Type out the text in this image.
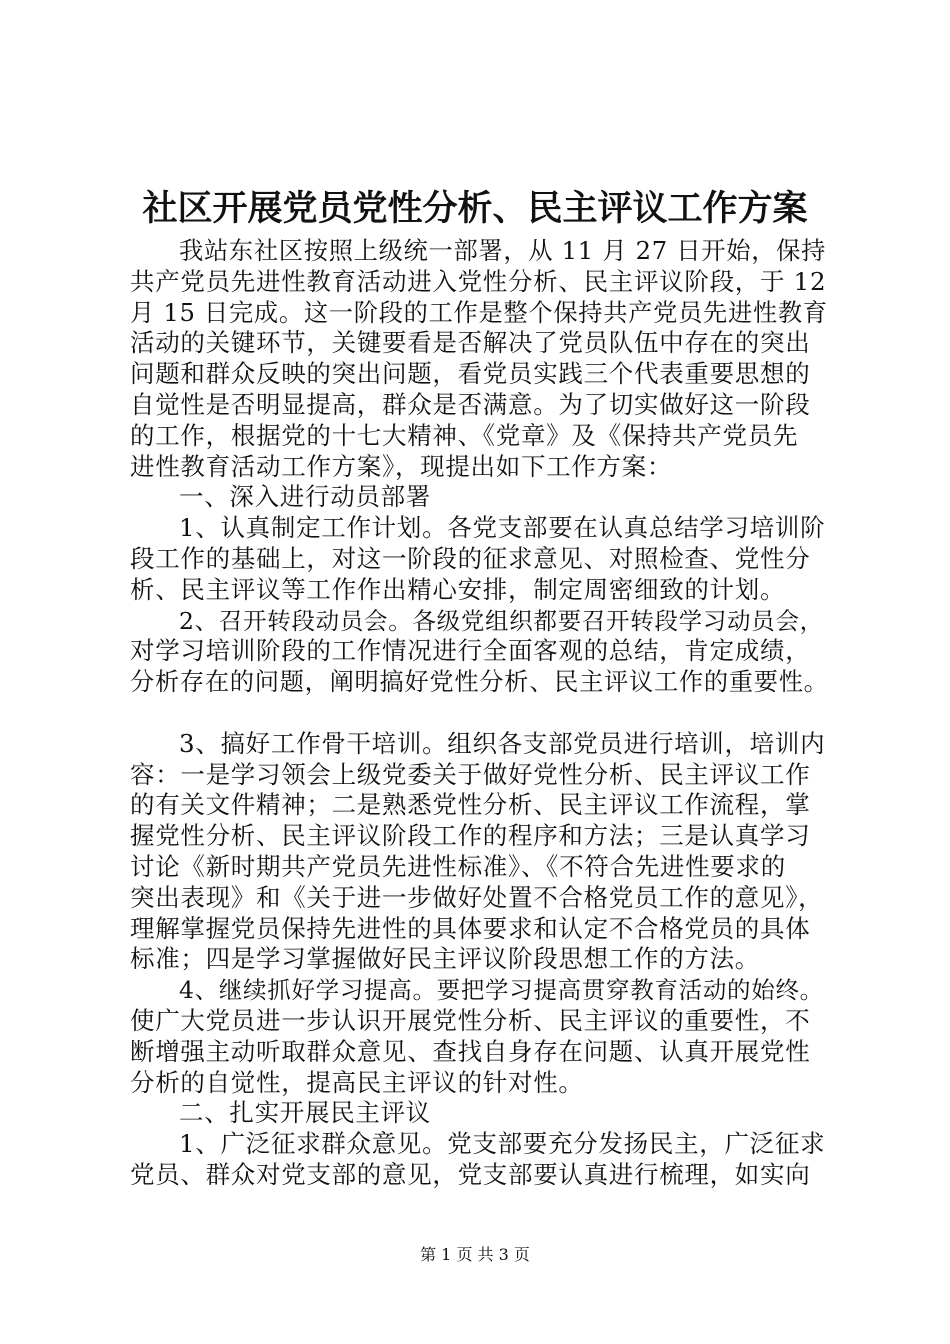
社区开展党员党性分析、民主评议工作方案
我站东社区按照上级统一部署，从 11 月 27 日开始，保持
共产党员先进性教育活动进入党性分析、民主评议阶段，于 12
月 15 日完成。这一阶段的工作是整个保持共产党员先进性教育
活动的关键环节，关键要看是否解决了党员队伍中存在的突出
问题和群众反映的突出问题，看党员实践三个代表重要思想的
自觉性是否明显提高，群众是否满意。为了切实做好这一阶段
的工作，根据党的十七大精神、《党章》及《保持共产党员先
进性教育活动工作方案》，现提出如下工作方案：
一、深入进行动员部署
1、认真制定工作计划。各党支部要在认真总结学习培训阶
段工作的基础上，对这一阶段的征求意见、对照检查、党性分
析、民主评议等工作作出精心安排，制定周密细致的计划。
2、召开转段动员会。各级党组织都要召开转段学习动员会，
对学习培训阶段的工作情况进行全面客观的总结，肯定成绩，
分析存在的问题，阐明搞好党性分析、民主评议工作的重要性。
3、搞好工作骨干培训。组织各支部党员进行培训，培训内
容：一是学习领会上级党委关于做好党性分析、民主评议工作
的有关文件精神；二是熟悉党性分析、民主评议工作流程，掌
握党性分析、民主评议阶段工作的程序和方法；三是认真学习
讨论《新时期共产党员先进性标准》、《不符合先进性要求的
突出表现》和《关于进一步做好处置不合格党员工作的意见》，
理解掌握党员保持先进性的具体要求和认定不合格党员的具体
标准；四是学习掌握做好民主评议阶段思想工作的方法。
4、继续抓好学习提高。要把学习提高贯穿教育活动的始终。
使广大党员进一步认识开展党性分析、民主评议的重要性，不
断增强主动听取群众意见、查找自身存在问题、认真开展党性
分析的自觉性，提高民主评议的针对性。
二、扎实开展民主评议
1、广泛征求群众意见。党支部要充分发扬民主，广泛征求
党员、群众对党支部的意见，党支部要认真进行梳理，如实向
第 1 页 共 3 页
